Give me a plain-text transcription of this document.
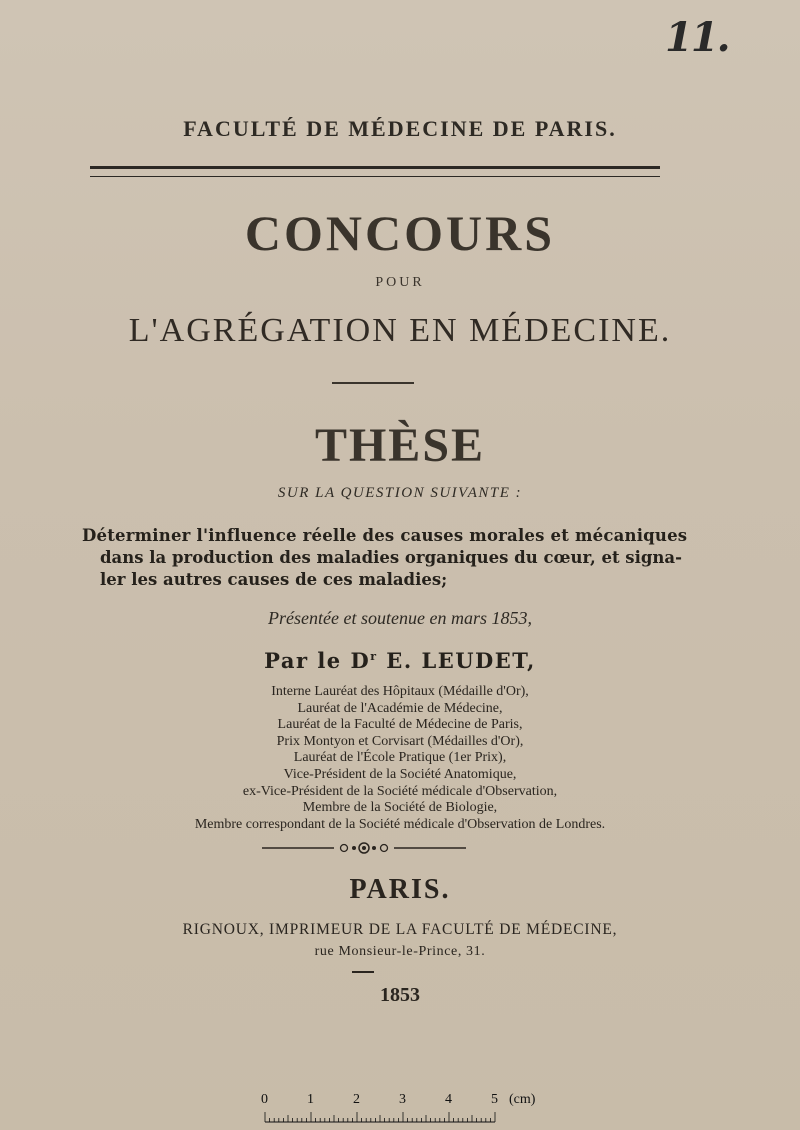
11.
FACULTÉ DE MÉDECINE DE PARIS.
CONCOURS
POUR
L'AGRÉGATION EN MÉDECINE.
THÈSE
SUR LA QUESTION SUIVANTE :
Déterminer l'influence réelle des causes morales et mécaniques
dans la production des maladies organiques du cœur, et signa-
ler les autres causes de ces maladies;
Présentée et soutenue en mars 1853,
Par le $D^r$ E. LEUDET,
Interne Lauréat des Hôpitaux (Médaille d'Or),
Lauréat de l'Académie de Médecine,
Lauréat de la Faculté de Médecine de Paris,
Prix Montyon et Corvisart (Médailles d'Or),
Lauréat de l'École Pratique (1er Prix),
Vice-Président de la Société Anatomique,
ex-Vice-Président de la Société médicale d'Observation,
Membre de la Société de Biologie,
Membre correspondant de la Société médicale d'Observation de Londres.
PARIS.
RIGNOUX, IMPRIMEUR DE LA FACULTÉ DE MÉDECINE,
rue Monsieur-le-Prince, 31.
1853
0	1	2	3	4	5 (cm)
